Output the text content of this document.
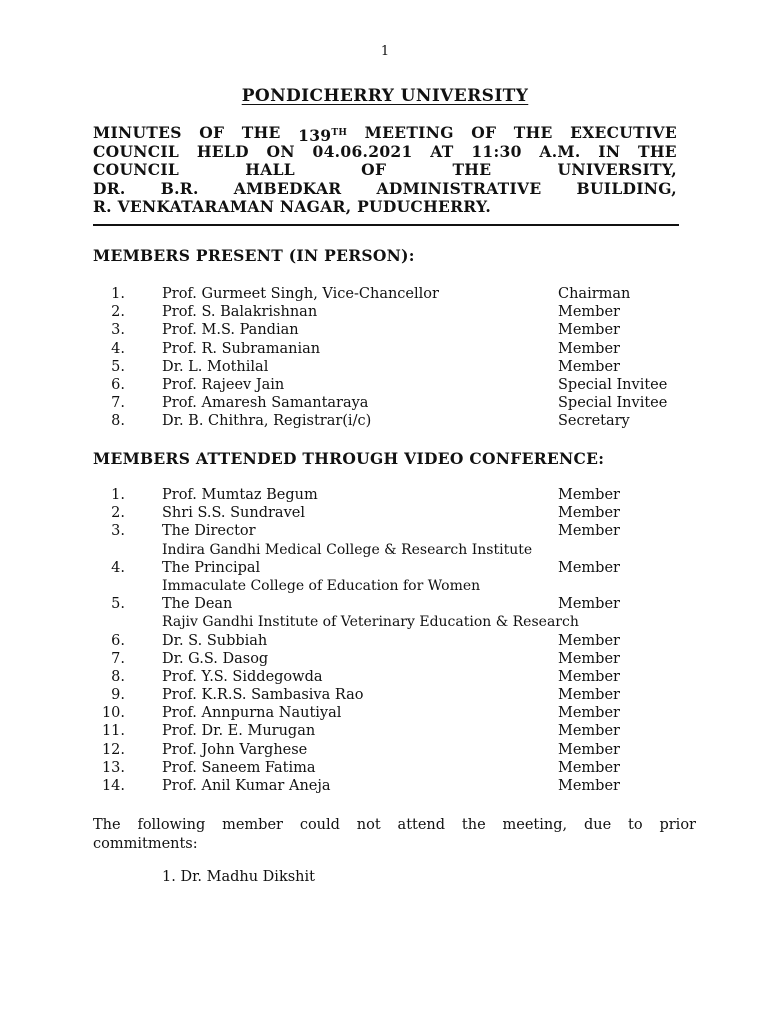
1
PONDICHERRY UNIVERSITY
MINUTES OF THE 139TH MEETING OF THE EXECUTIVE
COUNCIL HELD ON 04.06.2021 AT 11:30 A.M. IN THE
COUNCIL	HALL	OF	THE	UNIVERSITY,
DR. B.R. AMBEDKAR ADMINISTRATIVE BUILDING,
R. VENKATARAMAN NAGAR, PUDUCHERRY.
MEMBERS PRESENT (IN PERSON):
1.	Prof. Gurmeet Singh, Vice-Chancellor	Chairman
2.	Prof. S. Balakrishnan	Member
3.	Prof. M.S. Pandian	Member
4.	Prof. R. Subramanian	Member
5.	Dr. L. Mothilal	Member
6.	Prof. Rajeev Jain	Special Invitee
7.	Prof. Amaresh Samantaraya	Special Invitee
8.	Dr. B. Chithra, Registrar(i/c)	Secretary
MEMBERS ATTENDED THROUGH VIDEO CONFERENCE:
1.	Prof. Mumtaz Begum	Member
2.	Shri S.S. Sundravel	Member
3.	The Director	Member
Indira Gandhi Medical College & Research Institute
4.	The Principal	Member
Immaculate College of Education for Women
5.	The Dean	Member
Rajiv Gandhi Institute of Veterinary Education & Research
6.	Dr. S. Subbiah	Member
7.	Dr. G.S. Dasog	Member
8.	Prof. Y.S. Siddegowda	Member
9.	Prof. K.R.S. Sambasiva Rao	Member
10.	Prof. Annpurna Nautiyal	Member
11.	Prof. Dr. E. Murugan	Member
12.	Prof. John Varghese	Member
13.	Prof. Saneem Fatima	Member
14.	Prof. Anil Kumar Aneja	Member
The following member could not attend the meeting, due to prior
commitments:
1. Dr. Madhu Dikshit
